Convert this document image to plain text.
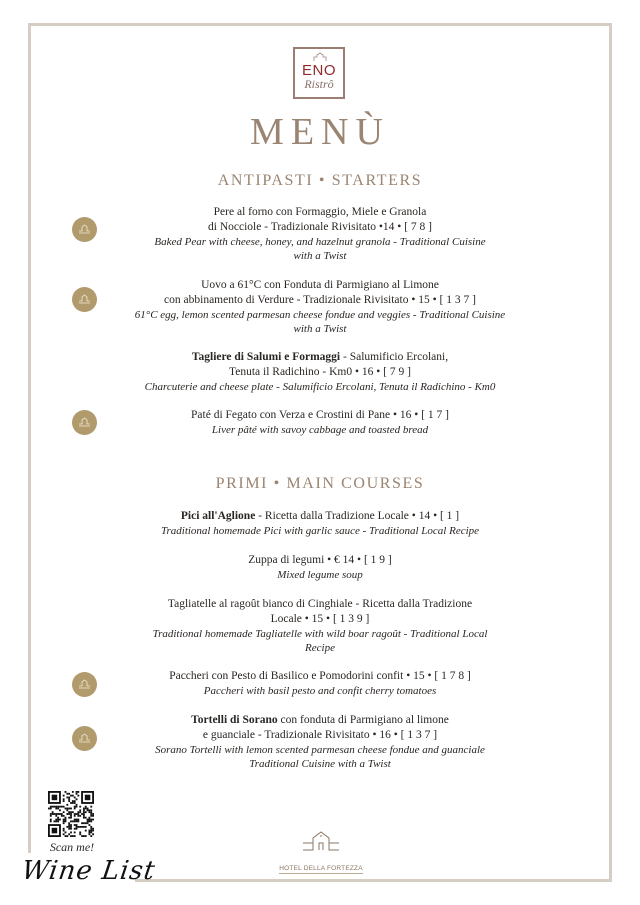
ENO
Ristrô
MENÙ
ANTIPASTI • STARTERS
PRIMI • MAIN COURSES
Pere al forno con Formaggio, Miele e Granola
di Nocciole - Tradizionale Rivisitato •14 • [ 7 8 ]
Baked Pear with cheese, honey, and hazelnut granola - Traditional Cuisine
with a Twist
Uovo a 61°C con Fonduta di Parmigiano al Limone
con abbinamento di Verdure - Tradizionale Rivisitato • 15 • [ 1 3 7 ]
61°C egg, lemon scented parmesan cheese fondue and veggies - Traditional Cuisine
with a Twist
Tagliere di Salumi e Formaggi - Salumificio Ercolani,
Tenuta il Radichino - Km0 • 16 • [ 7 9 ]
Charcuterie and cheese plate - Salumificio Ercolani, Tenuta il Radichino - Km0
Paté di Fegato con Verza e Crostini di Pane • 16 • [ 1 7 ]
Liver pâté with savoy cabbage and toasted bread
Pici all'Aglione - Ricetta dalla Tradizione Locale • 14 • [ 1 ]
Traditional homemade Pici with garlic sauce - Traditional Local Recipe
Zuppa di legumi • € 14 • [ 1 9 ]
Mixed legume soup
Tagliatelle al ragoût bianco di Cinghiale - Ricetta dalla Tradizione
Locale • 15 • [ 1 3 9 ]
Traditional homemade Tagliatelle with wild boar ragoût - Traditional Local
Recipe
Paccheri con Pesto di Basilico e Pomodorini confit • 15 • [ 1 7 8 ]
Paccheri with basil pesto and confit cherry tomatoes
Tortelli di Sorano con fonduta di Parmigiano al limone
e guanciale - Tradizionale Rivisitato • 16 • [ 1 3 7 ]
Sorano Tortelli with lemon scented parmesan cheese fondue and guanciale
Traditional Cuisine with a Twist
Scan me!
Wine List	HOTEL DELLA FORTEZZA
